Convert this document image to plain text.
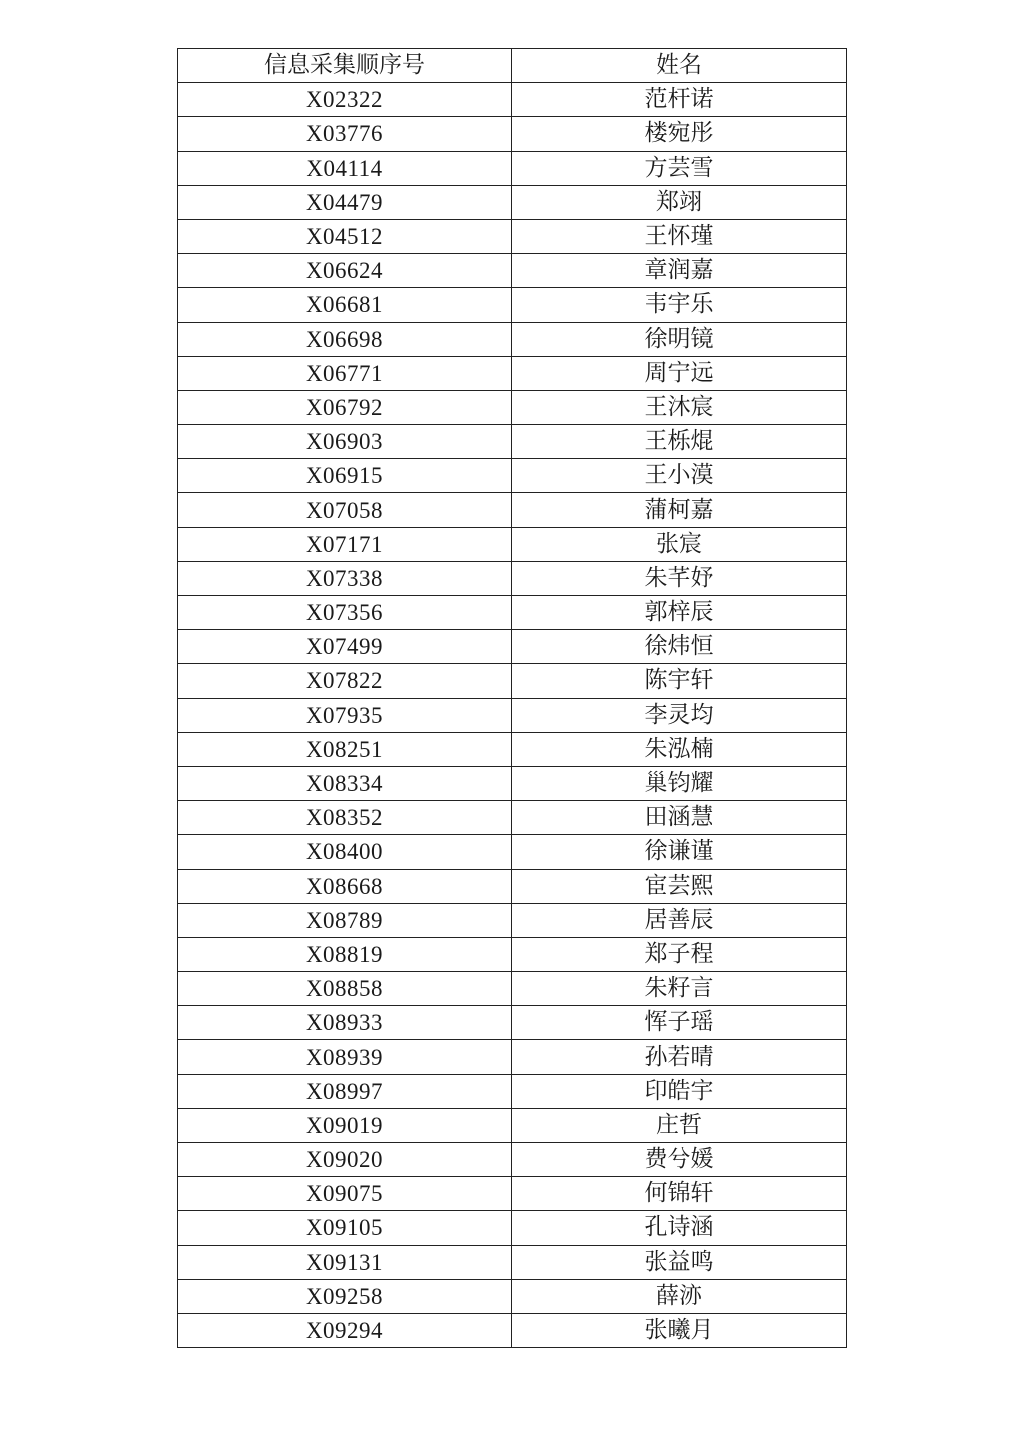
信息采集顺序号	姓名
X02322	范杆诺
X03776	楼宛彤
X04114	方芸雪
X04479	郑翊
X04512	王怀瑾
X06624	章润嘉
X06681	韦宇乐
X06698	徐明镜
X06771	周宁远
X06792	王沐宸
X06903	王栎焜
X06915	王小漠
X07058	蒲柯嘉
X07171	张宸
X07338	朱芊妤
X07356	郭梓辰
X07499	徐炜恒
X07822	陈宇轩
X07935	李灵均
X08251	朱泓楠
X08334	巢钧耀
X08352	田涵慧
X08400	徐谦谨
X08668	宦芸熙
X08789	居善辰
X08819	郑子程
X08858	朱籽言
X08933	恽子瑶
X08939	孙若晴
X08997	印皓宇
X09019	庄哲
X09020	费兮媛
X09075	何锦轩
X09105	孔诗涵
X09131	张益鸣
X09258	薛洂
X09294	张曦月
